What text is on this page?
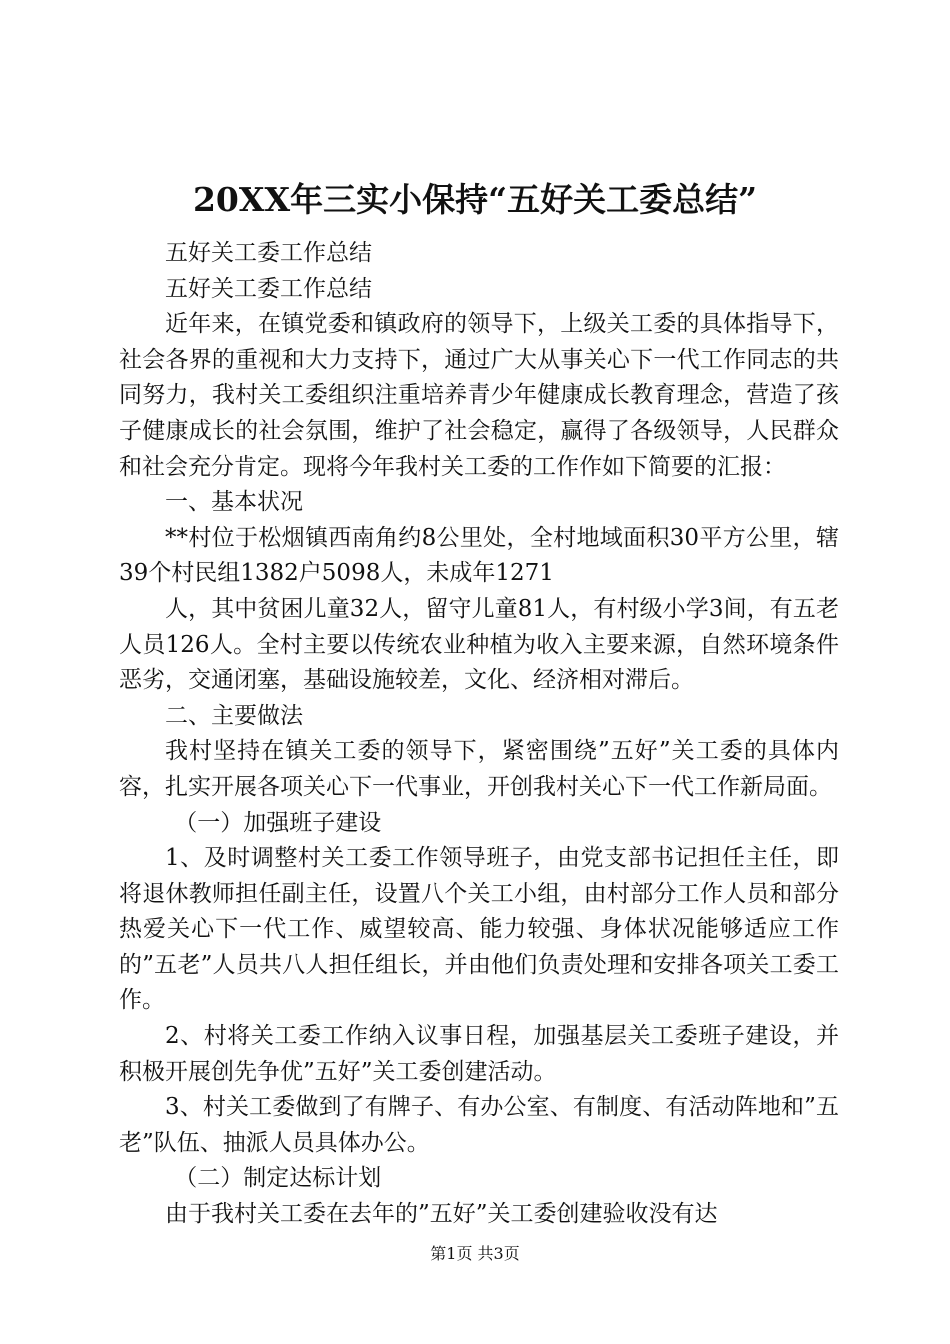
20XX年三实小保持“五好关工委总结”

五好关工委工作总结

五好关工委工作总结

近年来，在镇党委和镇政府的领导下，上级关工委的具体指导下，社会各界的重视和大力支持下，通过广大从事关心下一代工作同志的共同努力，我村关工委组织注重培养青少年健康成长教育理念，营造了孩子健康成长的社会氛围，维护了社会稳定，赢得了各级领导，人民群众和社会充分肯定。现将今年我村关工委的工作作如下简要的汇报：

一、基本状况

**村位于松烟镇西南角约8公里处，全村地域面积30平方公里，辖39个村民组1382户5098人，未成年1271

人，其中贫困儿童32人，留守儿童81人，有村级小学3间，有五老人员126人。全村主要以传统农业种植为收入主要来源，自然环境条件恶劣，交通闭塞，基础设施较差，文化、经济相对滞后。

二、主要做法

我村坚持在镇关工委的领导下，紧密围绕”五好”关工委的具体内容，扎实开展各项关心下一代事业，开创我村关心下一代工作新局面。

（一）加强班子建设

1、及时调整村关工委工作领导班子，由党支部书记担任主任，即将退休教师担任副主任，设置八个关工小组，由村部分工作人员和部分热爱关心下一代工作、威望较高、能力较强、身体状况能够适应工作的”五老”人员共八人担任组长，并由他们负责处理和安排各项关工委工作。

2、村将关工委工作纳入议事日程，加强基层关工委班子建设，并积极开展创先争优”五好”关工委创建活动。

3、村关工委做到了有牌子、有办公室、有制度、有活动阵地和”五老”队伍、抽派人员具体办公。

（二）制定达标计划

由于我村关工委在去年的”五好”关工委创建验收没有达

第1页 共3页
